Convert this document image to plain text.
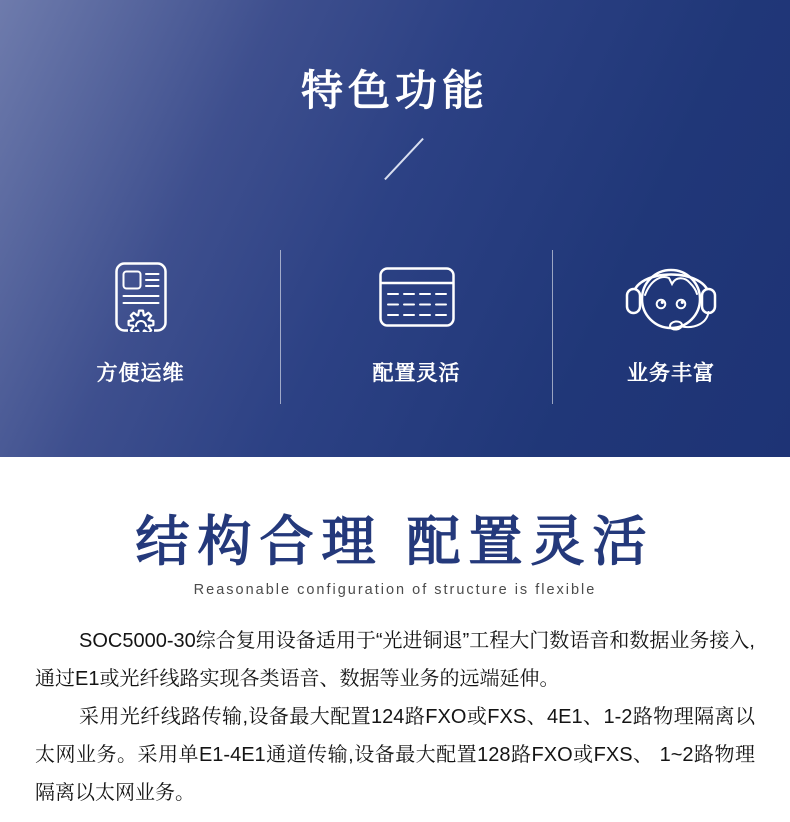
特色功能
方便运维	配置灵活	业务丰富
结构合理 配置灵活
Reasonable configuration of structure is flexible

SOC5000-30综合复用设备适用于“光进铜退”工程大门数语音和数据业务接入,通过E1或光纤线路实现各类语音、数据等业务的远端延伸。

采用光纤线路传输,设备最大配置124路FXO或FXS、4E1、1-2路物理隔离以太网业务。采用单E1-4E1通道传输,设备最大配置128路FXO或FXS、 1~2路物理隔离以太网业务。
